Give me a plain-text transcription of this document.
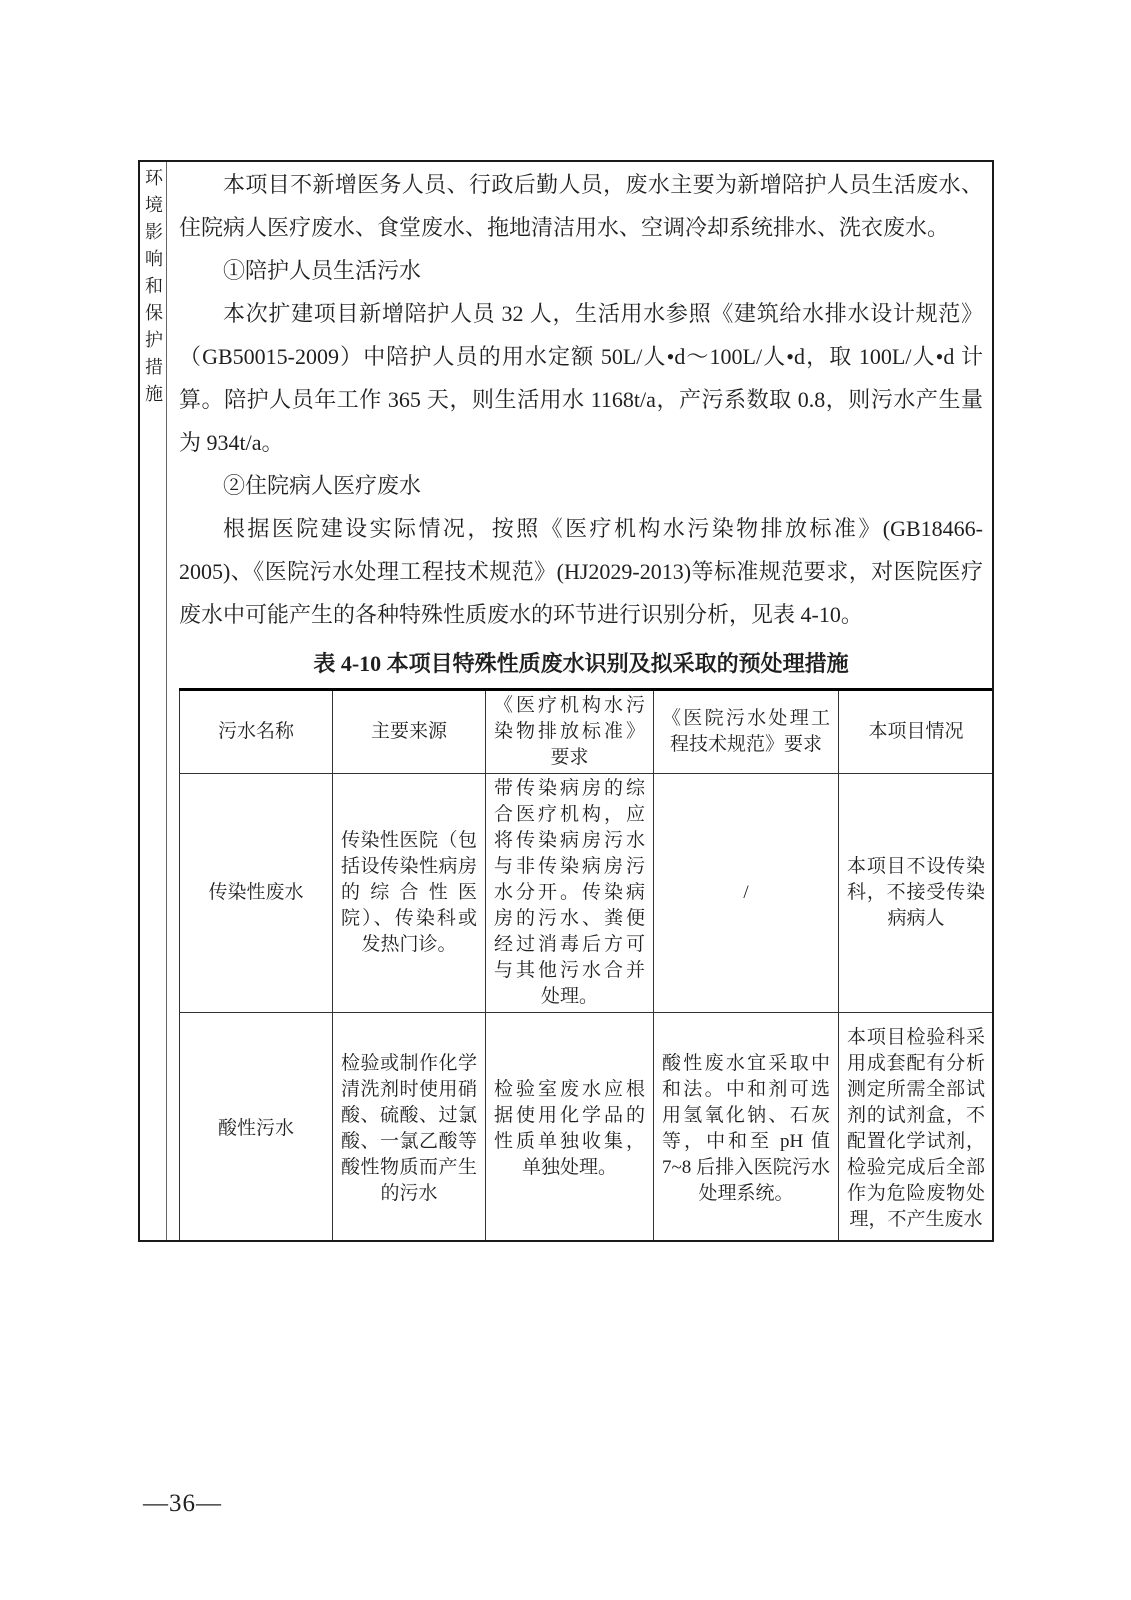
环境影响和保护措施	本项目不新增医务人员、行政后勤人员，废水主要为新增陪护人员生活废水、住院病人医疗废水、食堂废水、拖地清洁用水、空调冷却系统排水、洗衣废水。

①陪护人员生活污水

本次扩建项目新增陪护人员 32 人，生活用水参照《建筑给水排水设计规范》（GB50015-2009）中陪护人员的用水定额 50L/人•d～100L/人•d，取 100L/人•d 计算。陪护人员年工作 365 天，则生活用水 1168t/a，产污系数取 0.8，则污水产生量为 934t/a。

②住院病人医疗废水

根据医院建设实际情况，按照《医疗机构水污染物排放标准》(GB18466-2005)、《医院污水处理工程技术规范》(HJ2029-2013)等标准规范要求，对医院医疗废水中可能产生的各种特殊性质废水的环节进行识别分析，见表 4-10。

表 4-10 本项目特殊性质废水识别及拟采取的预处理措施
污水名称	主要来源	《医疗机构水污染物排放标准》要求	《医院污水处理工程技术规范》要求	本项目情况
传染性废水	传染性医院（包括设传染性病房的综合性医院）、传染科或发热门诊。	带传染病房的综合医疗机构，应将传染病房污水与非传染病房污水分开。传染病房的污水、粪便经过消毒后方可与其他污水合并处理。	/	本项目不设传染科，不接受传染病病人
酸性污水	检验或制作化学清洗剂时使用硝酸、硫酸、过氯酸、一氯乙酸等酸性物质而产生的污水	检验室废水应根据使用化学品的性质单独收集，单独处理。	酸性废水宜采取中和法。中和剂可选用氢氧化钠、石灰等，中和至 pH 值 7~8 后排入医院污水处理系统。	本项目检验科采用成套配有分析测定所需全部试剂的试剂盒，不配置化学试剂，检验完成后全部作为危险废物处理，不产生废水
—36—
